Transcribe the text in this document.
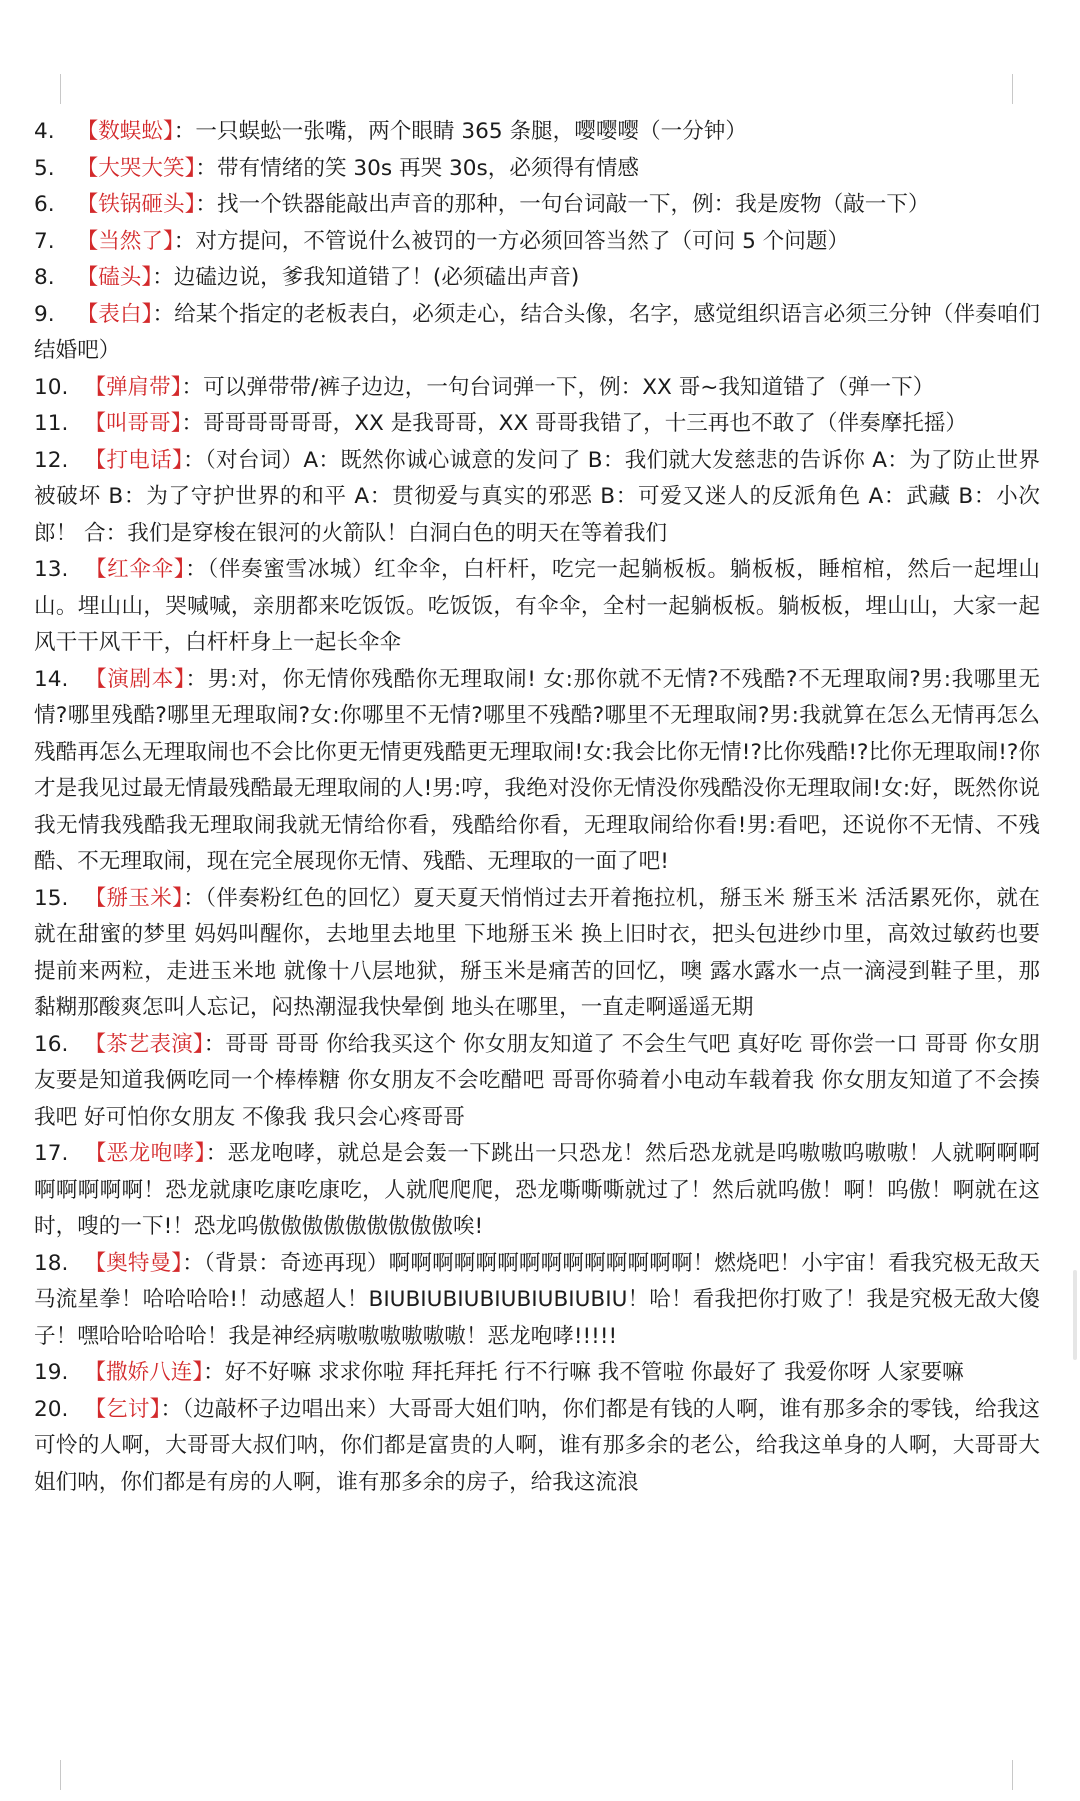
4. 【数蜈蚣】：一只蜈蚣一张嘴，两个眼睛 365 条腿，嘤嘤嘤（一分钟）

5. 【大哭大笑】：带有情绪的笑 30s 再哭 30s，必须得有情感

6. 【铁锅砸头】：找一个铁器能敲出声音的那种，一句台词敲一下，例：我是废物（敲一下）

7. 【当然了】：对方提问，不管说什么被罚的一方必须回答当然了（可问 5 个问题）

8. 【磕头】：边磕边说，爹我知道错了！(必须磕出声音)

9. 【表白】：给某个指定的老板表白，必须走心，结合头像，名字，感觉组织语言必须三分钟（伴奏咱们结婚吧）

10. 【弹肩带】：可以弹带带/裤子边边，一句台词弹一下，例：XX 哥~我知道错了（弹一下）

11. 【叫哥哥】：哥哥哥哥哥哥，XX 是我哥哥，XX 哥哥我错了，十三再也不敢了（伴奏摩托摇）

12. 【打电话】：（对台词）A：既然你诚心诚意的发问了 B：我们就大发慈悲的告诉你 A：为了防止世界被破坏 B：为了守护世界的和平 A：贯彻爱与真实的邪恶 B：可爱又迷人的反派角色 A：武藏 B：小次郎！ 合：我们是穿梭在银河的火箭队！白洞白色的明天在等着我们

13. 【红伞伞】：（伴奏蜜雪冰城）红伞伞，白杆杆，吃完一起躺板板。躺板板，睡棺棺，然后一起埋山山。埋山山，哭喊喊，亲朋都来吃饭饭。吃饭饭，有伞伞，全村一起躺板板。躺板板，埋山山，大家一起风干干风干干，白杆杆身上一起长伞伞

14. 【演剧本】：男:对，你无情你残酷你无理取闹! 女:那你就不无情?不残酷?不无理取闹?男:我哪里无情?哪里残酷?哪里无理取闹?女:你哪里不无情?哪里不残酷?哪里不无理取闹?男:我就算在怎么无情再怎么残酷再怎么无理取闹也不会比你更无情更残酷更无理取闹!女:我会比你无情!?比你残酷!?比你无理取闹!?你才是我见过最无情最残酷最无理取闹的人!男:哼，我绝对没你无情没你残酷没你无理取闹!女:好，既然你说我无情我残酷我无理取闹我就无情给你看，残酷给你看，无理取闹给你看!男:看吧，还说你不无情、不残酷、不无理取闹，现在完全展现你无情、残酷、无理取的一面了吧!

15. 【掰玉米】：（伴奏粉红色的回忆）夏天夏天悄悄过去开着拖拉机，掰玉米 掰玉米 活活累死你，就在就在甜蜜的梦里 妈妈叫醒你，去地里去地里 下地掰玉米 换上旧时衣，把头包进纱巾里，高效过敏药也要提前来两粒，走进玉米地 就像十八层地狱，掰玉米是痛苦的回忆，噢 露水露水一点一滴浸到鞋子里，那黏糊那酸爽怎叫人忘记，闷热潮湿我快晕倒 地头在哪里，一直走啊遥遥无期

16. 【茶艺表演】：哥哥 哥哥 你给我买这个 你女朋友知道了 不会生气吧 真好吃 哥你尝一口 哥哥 你女朋友要是知道我俩吃同一个棒棒糖 你女朋友不会吃醋吧 哥哥你骑着小电动车载着我 你女朋友知道了不会揍我吧 好可怕你女朋友 不像我 我只会心疼哥哥

17. 【恶龙咆哮】：恶龙咆哮，就总是会轰一下跳出一只恐龙！然后恐龙就是呜嗷嗷呜嗷嗷！人就啊啊啊啊啊啊啊啊！恐龙就康吃康吃康吃，人就爬爬爬，恐龙嘶嘶嘶就过了！然后就呜傲！啊！呜傲！啊就在这时，嗖的一下!！恐龙呜傲傲傲傲傲傲傲傲傲唉!

18. 【奥特曼】：（背景：奇迹再现）啊啊啊啊啊啊啊啊啊啊啊啊啊啊！燃烧吧！小宇宙！看我究极无敌天马流星拳！哈哈哈哈!！动感超人！BIUBIUBIUBIUBIUBIUBIU！哈！看我把你打败了！我是究极无敌大傻子！嘿哈哈哈哈哈！我是神经病嗷嗷嗷嗷嗷嗷！恶龙咆哮!!!!!

19. 【撒娇八连】：好不好嘛 求求你啦 拜托拜托 行不行嘛 我不管啦 你最好了 我爱你呀 人家要嘛

20. 【乞讨】：（边敲杯子边唱出来）大哥哥大姐们呐，你们都是有钱的人啊，谁有那多余的零钱，给我这可怜的人啊，大哥哥大叔们呐，你们都是富贵的人啊，谁有那多余的老公，给我这单身的人啊，大哥哥大姐们呐，你们都是有房的人啊，谁有那多余的房子，给我这流浪
